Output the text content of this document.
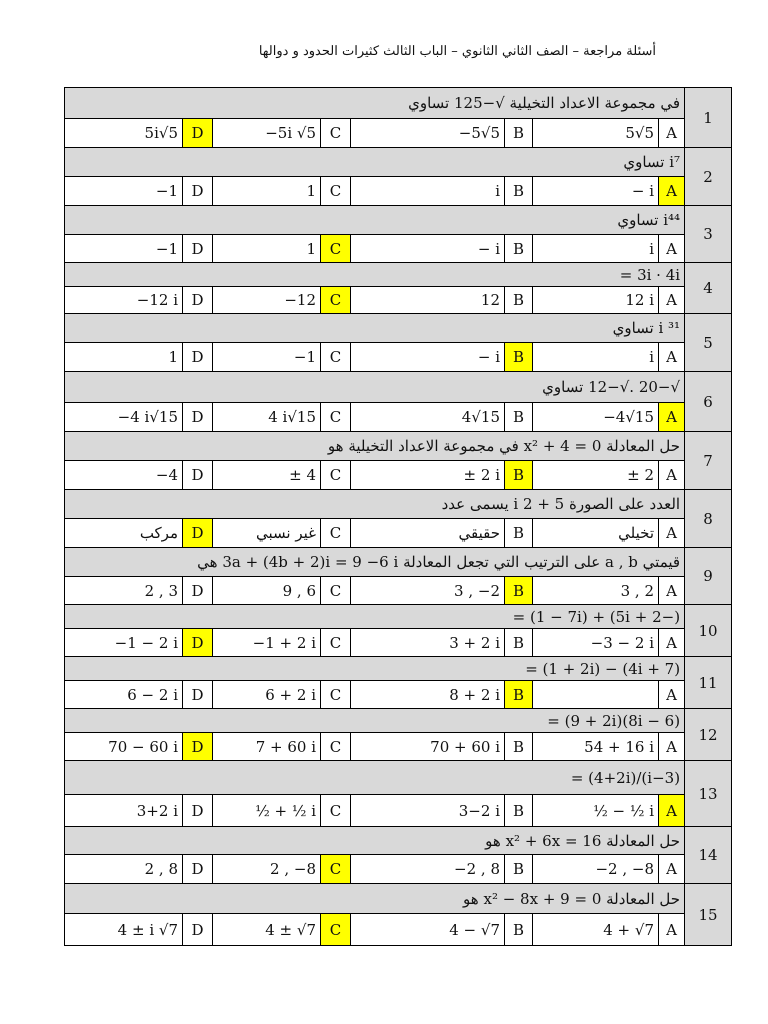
أسئلة مراجعة – الصف الثاني الثانوي – الباب الثالث كثيرات الحدود و دوالها
في مجموعة الاعداد التخيلية √−125 تساوي								1
5i√5	D	−5i √5	C	−5√5	B	5√5	A	
i⁷ تساوي								2
−1	D	1	C	i	B	− i	A	
i⁴⁴ تساوي								3
−1	D	1	C	− i	B	i	A	
3i · 4i =								4
−12 i	D	−12	C	12	B	12 i	A	
i ³¹ تساوي								5
1	D	−1	C	− i	B	i	A	
√−20 .√−12 تساوي								6
−4 i√15	D	4 i√15	C	4√15	B	−4√15	A	
حل المعادلة x² + 4 = 0 في مجموعة الاعداد التخيلية هو								7
−4	D	± 4	C	± 2 i	B	± 2	A	
العدد على الصورة 5 + 2 i يسمى عدد								8
مركب	D	غير نسبي	C	حقيقي	B	تخيلي	A	
قيمتي a , b على الترتيب التي تجعل المعادلة 3a + (4b + 2)i = 9 −6 i هي								9
2 , 3	D	9 , 6	C	3 , −2	B	3 , 2	A	
(−2 + 5i) + (1 − 7i) =								10
−1 − 2 i	D	−1 + 2 i	C	3 + 2 i	B	−3 − 2 i	A	
(7 + 4i) − (1 + 2i) =								11
6 − 2 i	D	6 + 2 i	C	8 + 2 i	B		A	
(6 − 8i)(9 + 2i) =								12
70 − 60 i	D	7 + 60 i	C	70 + 60 i	B	54 + 16 i	A	
(3−i)/(4+2i) =								13
3+2 i	D	½ + ½ i	C	3−2 i	B	½ − ½ i	A	
حل المعادلة x² + 6x = 16 هو								14
2 , 8	D	2 , −8	C	−2 , 8	B	−2 , −8	A	
حل المعادلة x² − 8x + 9 = 0 هو								15
4 ± i √7	D	4 ± √7	C	4 − √7	B	4 + √7	A	
